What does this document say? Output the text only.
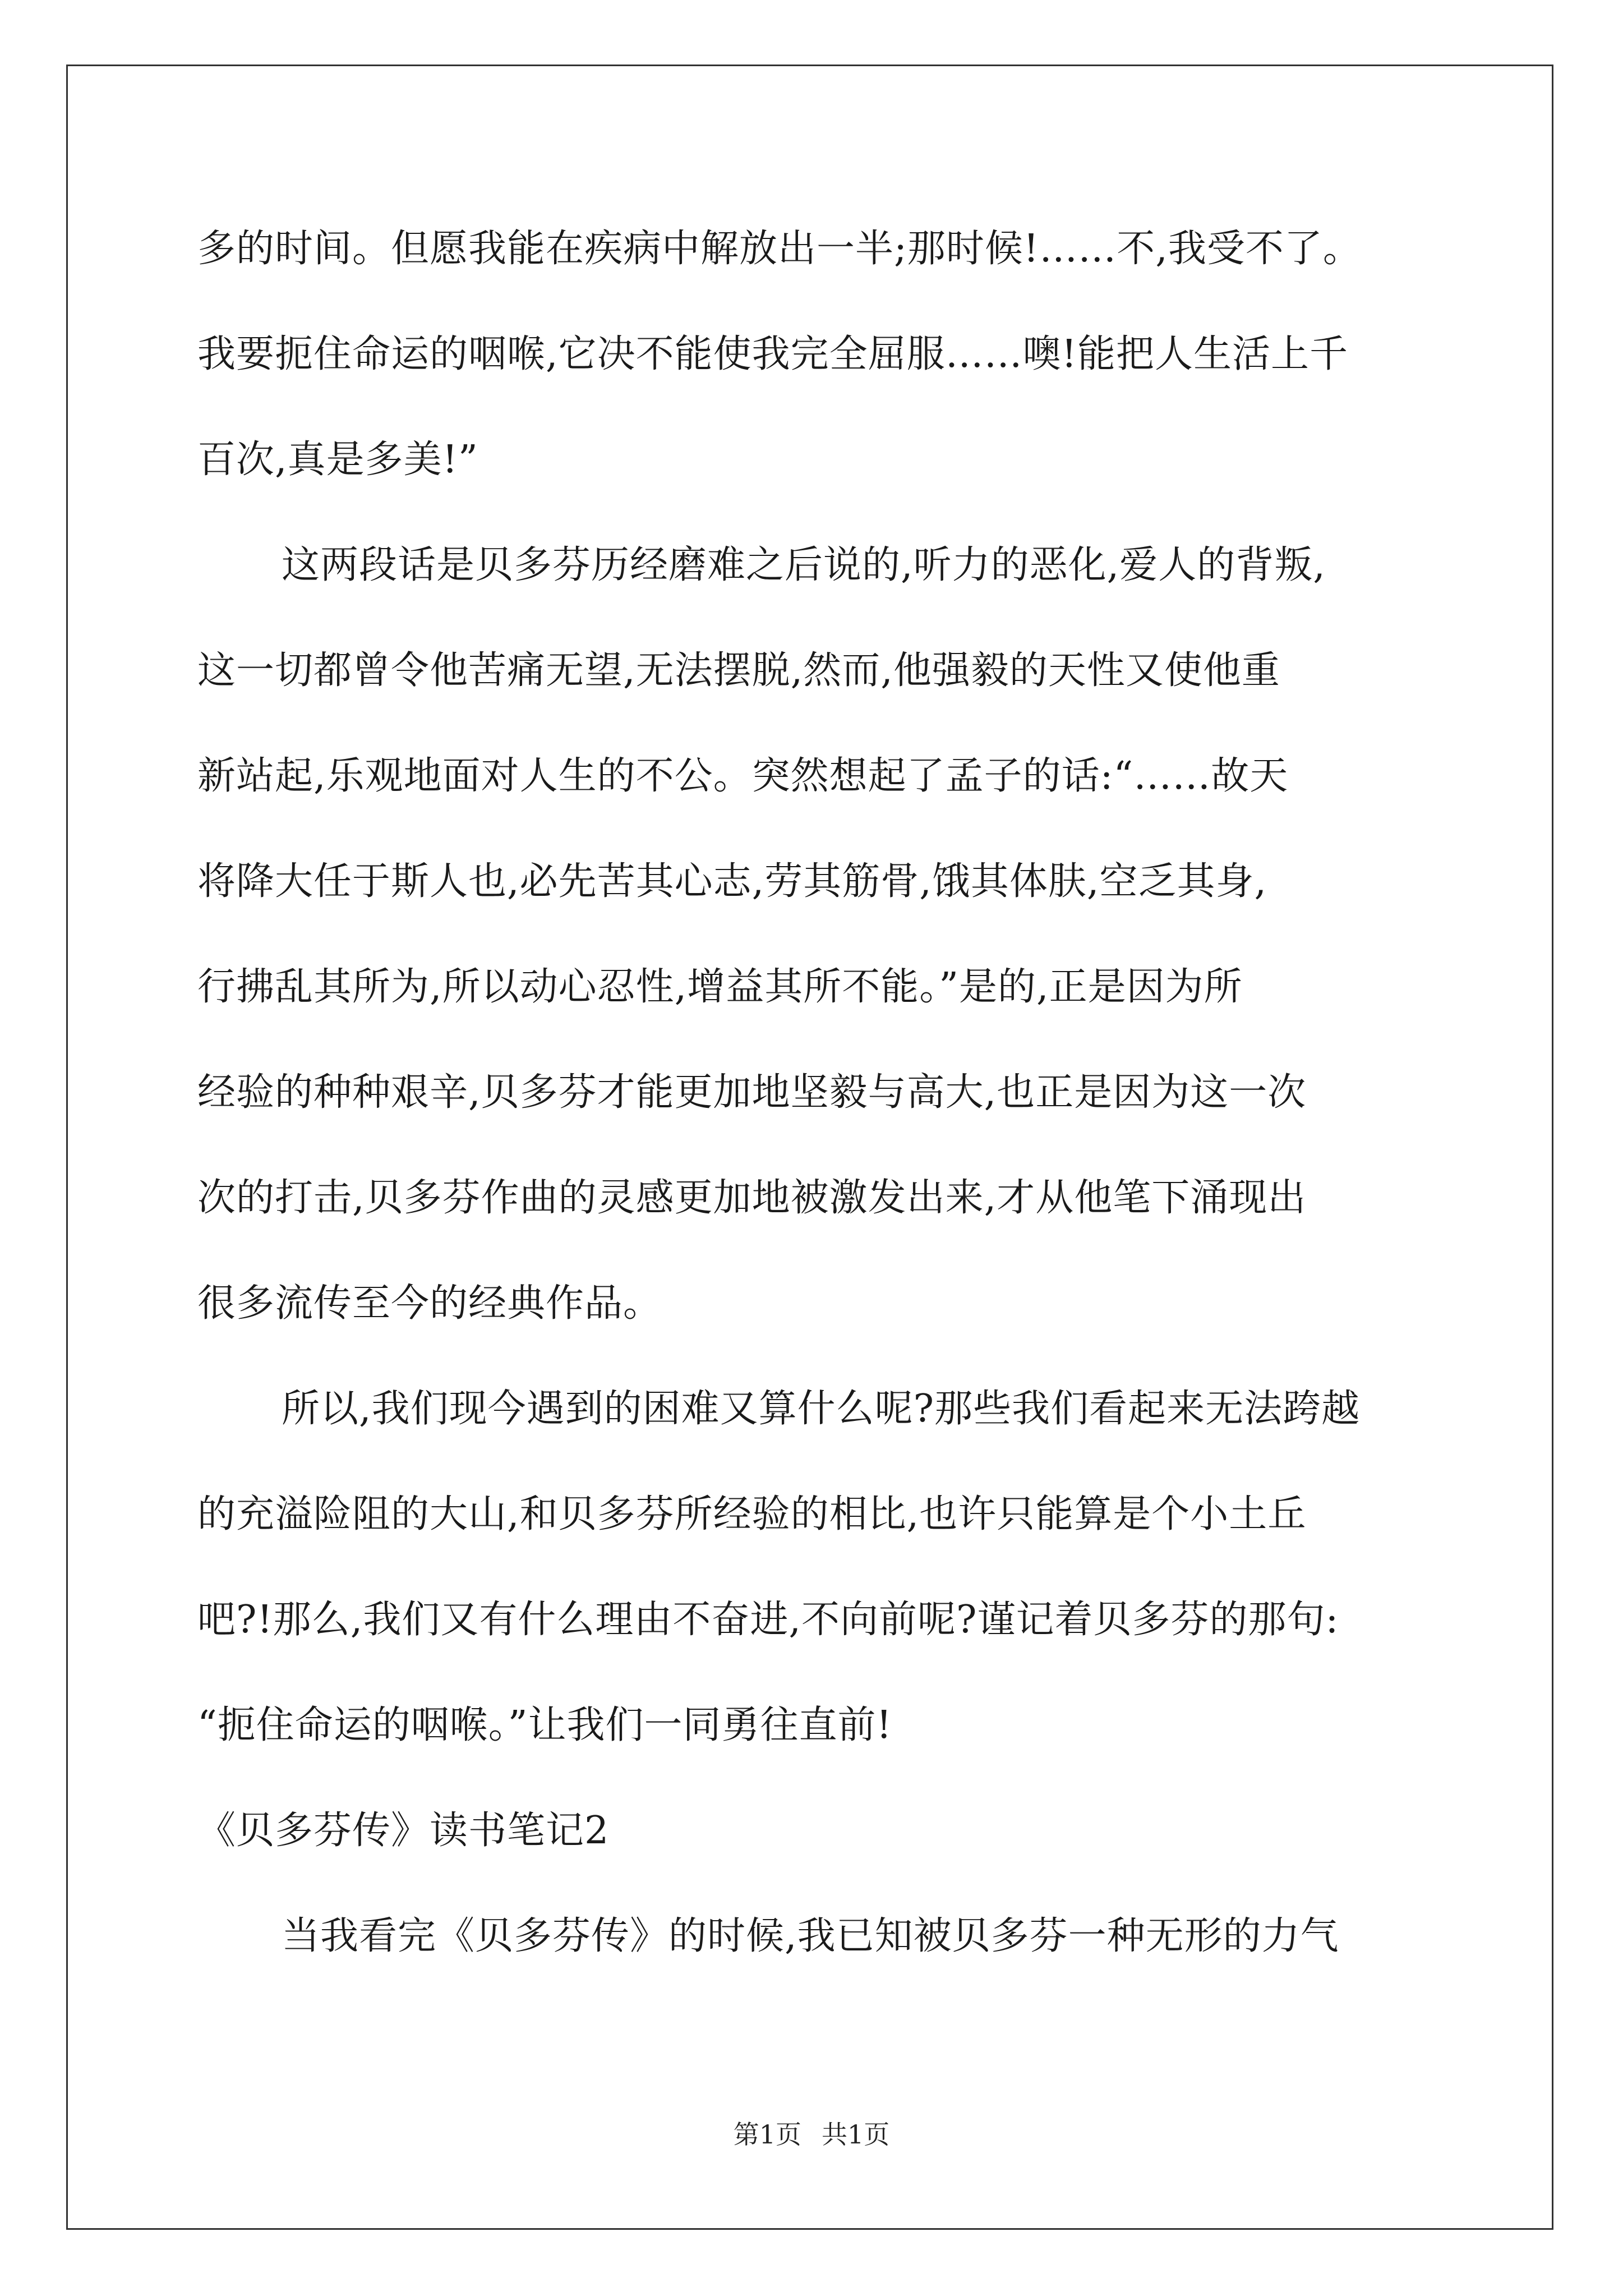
多的时间。但愿我能在疾病中解放出一半;那时候!……不,我受不了。
我要扼住命运的咽喉,它决不能使我完全屈服……噢!能把人生活上千
百次,真是多美!”
这两段话是贝多芬历经磨难之后说的,听力的恶化,爱人的背叛,
这一切都曾令他苦痛无望,无法摆脱,然而,他强毅的天性又使他重
新站起,乐观地面对人生的不公。突然想起了孟子的话:“……故天
将降大任于斯人也,必先苦其心志,劳其筋骨,饿其体肤,空乏其身,
行拂乱其所为,所以动心忍性,增益其所不能。”是的,正是因为所
经验的种种艰辛,贝多芬才能更加地坚毅与高大,也正是因为这一次
次的打击,贝多芬作曲的灵感更加地被激发出来,才从他笔下涌现出
很多流传至今的经典作品。
所以,我们现今遇到的困难又算什么呢?那些我们看起来无法跨越
的充溢险阻的大山,和贝多芬所经验的相比,也许只能算是个小土丘
吧?!那么,我们又有什么理由不奋进,不向前呢?谨记着贝多芬的那句:
“扼住命运的咽喉。”让我们一同勇往直前!
《贝多芬传》读书笔记2
当我看完《贝多芬传》的时候,我已知被贝多芬一种无形的力气
第1页 共1页
